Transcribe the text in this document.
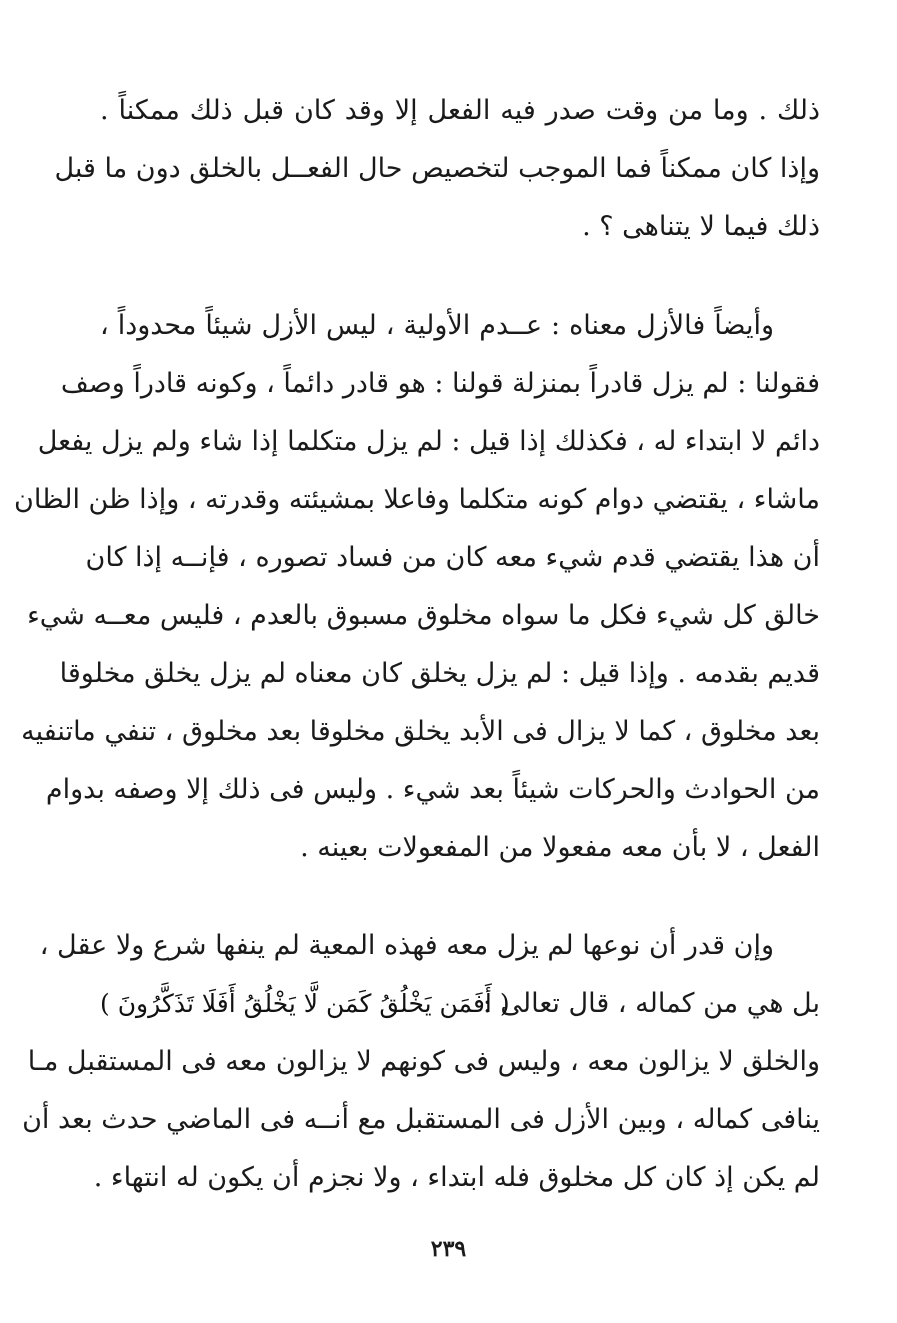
ذلك . وما من وقت صدر فيه الفعل إلا وقد كان قبل ذلك ممكناً .
وإذا كان ممكناً فما الموجب لتخصيص حال الفعــل بالخلق دون ما قبل
ذلك فيما لا يتناهى ؟ .
وأيضاً فالأزل معناه : عــدم الأولية ، ليس الأزل شيئاً محدوداً ،
فقولنا : لم يزل قادراً بمنزلة قولنا : هو قادر دائماً ، وكونه قادراً وصف
دائم لا ابتداء له ، فكذلك إذا قيل : لم يزل متكلما إذا شاء ولم يزل يفعل
ماشاء ، يقتضي دوام كونه متكلما وفاعلا بمشيئته وقدرته ، وإذا ظن الظان
أن هذا يقتضي قدم شيء معه كان من فساد تصوره ، فإنــه إذا كان
خالق كل شيء فكل ما سواه مخلوق مسبوق بالعدم ، فليس معــه شيء
قديم بقدمه . وإذا قيل : لم يزل يخلق كان معناه لم يزل يخلق مخلوقا
بعد مخلوق ، كما لا يزال فى الأبد يخلق مخلوقا بعد مخلوق ، تنفي ماتنفيه
من الحوادث والحركات شيئاً بعد شيء . وليس فى ذلك إلا وصفه بدوام
الفعل ، لا بأن معه مفعولا من المفعولات بعينه .
وإن قدر أن نوعها لم يزل معه فهذه المعية لم ينفها شرع ولا عقل ،
بل هي من كماله ، قال تعالى :
( أَفَمَن يَخْلُقُ كَمَن لَّا يَخْلُقُ أَفَلَا تَذَكَّرُونَ )
والخلق لا يزالون معه ، وليس فى كونهم لا يزالون معه فى المستقبل مـا
ينافى كماله ، وبين الأزل فى المستقبل مع أنــه فى الماضي حدث بعد أن
لم يكن إذ كان كل مخلوق فله ابتداء ، ولا نجزم أن يكون له انتهاء .
٢٣٩
